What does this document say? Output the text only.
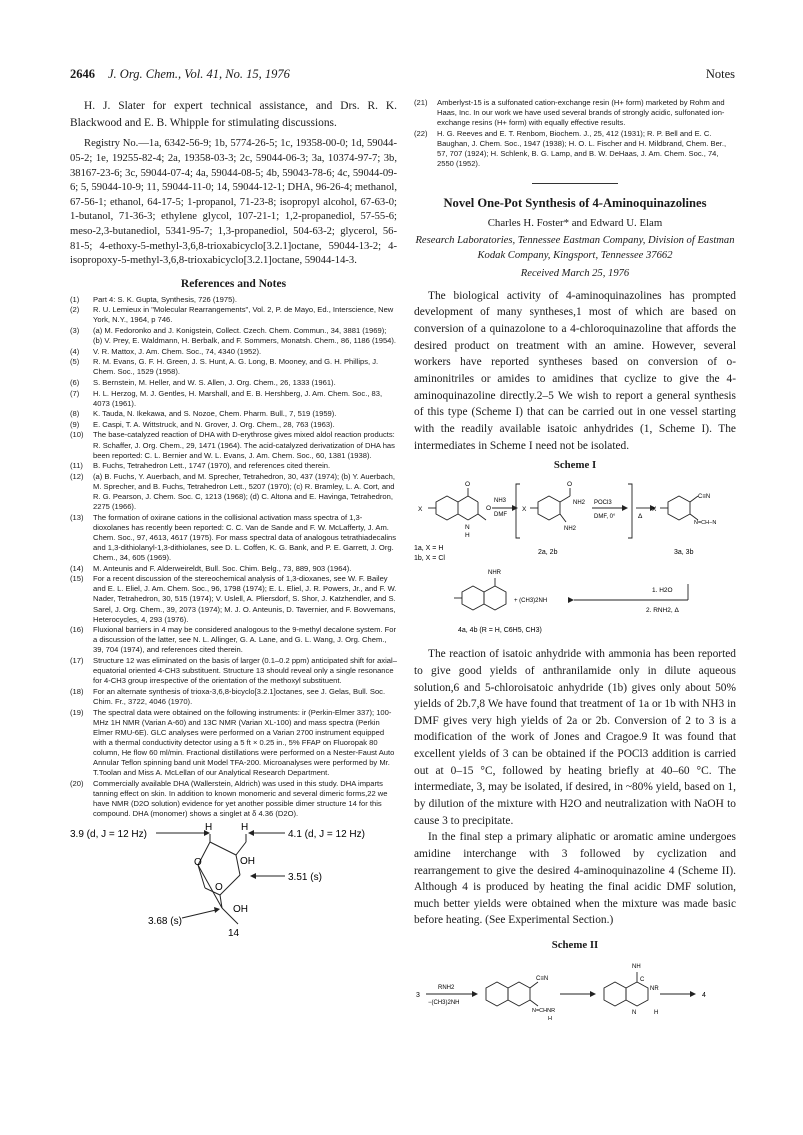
2646 J. Org. Chem., Vol. 41, No. 15, 1976	Notes

H. J. Slater for expert technical assistance, and Drs. R. K. Blackwood and E. B. Whipple for stimulating discussions.

Registry No.—1a, 6342-56-9; 1b, 5774-26-5; 1c, 19358-00-0; 1d, 59044-05-2; 1e, 19255-82-4; 2a, 19358-03-3; 2c, 59044-06-3; 3a, 10374-97-7; 3b, 38167-23-6; 3c, 59044-07-4; 4a, 59044-08-5; 4b, 59043-78-6; 4c, 59044-09-6; 5, 59044-10-9; 11, 59044-11-0; 14, 59044-12-1; DHA, 96-26-4; methanol, 67-56-1; ethanol, 64-17-5; 1-propanol, 71-23-8; isopropyl alcohol, 67-63-0; 1-butanol, 71-36-3; ethylene glycol, 107-21-1; 1,2-propanediol, 57-55-6; meso-2,3-butanediol, 5341-95-7; 1,3-propanediol, 504-63-2; glycerol, 56-81-5; 4-ethoxy-5-methyl-3,6,8-trioxabicyclo[3.2.1]octane, 59044-13-2; 4-isopropoxy-5-methyl-3,6,8-trioxabicyclo[3.2.1]octane, 59044-14-3.

References and Notes
(1) Part 4: S. K. Gupta, Synthesis, 726 (1975).
(2) R. U. Lemieux in "Molecular Rearrangements", Vol. 2, P. de Mayo, Ed., Interscience, New York, N.Y., 1964, p 746.
(3) (a) M. Fedoronko and J. Konigstein, Collect. Czech. Chem. Commun., 34, 3881 (1969); (b) V. Prey, E. Waldmann, H. Berbalk, and F. Sommers, Monatsh. Chem., 86, 1186 (1954).
(4) V. R. Mattox, J. Am. Chem. Soc., 74, 4340 (1952).
(5) R. M. Evans, G. F. H. Green, J. S. Hunt, A. G. Long, B. Mooney, and G. H. Phillips, J. Chem. Soc., 1529 (1958).
(6) S. Bernstein, M. Heller, and W. S. Allen, J. Org. Chem., 26, 1333 (1961).
(7) H. L. Herzog, M. J. Gentles, H. Marshall, and E. B. Hershberg, J. Am. Chem. Soc., 83, 4073 (1961).
(8) K. Tauda, N. Ikekawa, and S. Nozoe, Chem. Pharm. Bull., 7, 519 (1959).
(9) E. Caspi, T. A. Wittstruck, and N. Grover, J. Org. Chem., 28, 763 (1963).
(10) The base-catalyzed reaction of DHA with D-erythrose gives mixed aldol reaction products: R. Schaffer, J. Org. Chem., 29, 1471 (1964). The acid-catalyzed derivatization of DHA has been reported: C. L. Bernier and W. L. Evans, J. Am. Chem. Soc., 60, 1381 (1938).
(11) B. Fuchs, Tetrahedron Lett., 1747 (1970), and references cited therein.
(12) (a) B. Fuchs, Y. Auerbach, and M. Sprecher, Tetrahedron, 30, 437 (1974); (b) Y. Auerbach, M. Sprecher, and B. Fuchs, Tetrahedron Lett., 5207 (1970); (c) R. Bramley, L. A. Cort, and R. G. Pearson, J. Chem. Soc. C, 1213 (1968); (d) C. Altona and E. Havinga, Tetrahedron, 2275 (1966).
(13) The formation of oxirane cations in the collisional activation mass spectra of 1,3-dioxolanes has recently been reported: C. C. Van de Sande and F. W. McLafferty, J. Am. Chem. Soc., 97, 4613, 4617 (1975). For mass spectral data of analogous tetrathiadecalins and 1,3-dithiolanyl-1,3-dithiolanes, see D. L. Coffen, K. G. Bank, and P. E. Garrett, J. Org. Chem., 34, 605 (1969).
(14) M. Anteunis and F. Alderweireldt, Bull. Soc. Chim. Belg., 73, 889, 903 (1964).
(15) For a recent discussion of the stereochemical analysis of 1,3-dioxanes, see W. F. Bailey and E. L. Eliel, J. Am. Chem. Soc., 96, 1798 (1974); E. L. Eliel, J. R. Powers, Jr., and F. W. Nader, Tetrahedron, 30, 515 (1974); V. Uslell, A. Pliersdorf, S. Shor, J. Katzhendler, and S. Sarel, J. Org. Chem., 39, 2073 (1974); M. J. O. Anteunis, D. Tavernier, and F. Bovvemans, Heterocycles, 4, 293 (1976).
(16) Fluxional barriers in 4 may be considered analogous to the 9-methyl decalone system. For a discussion of the latter, see N. L. Allinger, G. A. Lane, and G. L. Wang, J. Org. Chem., 39, 704 (1974), and references cited therein.
(17) Structure 12 was eliminated on the basis of larger (0.1–0.2 ppm) anticipated shift for axial–equatorial oriented 4-CH3 substituent. Structure 13 should reveal only a single resonance for 4-CH3 group irrespective of the orientation of the methoxyl substituent.
(18) For an alternate synthesis of trioxa-3,6,8-bicyclo[3.2.1]octanes, see J. Gelas, Bull. Soc. Chim. Fr., 3722, 4046 (1970).
(19) The spectral data were obtained on the following instruments: ir (Perkin-Elmer 337); 100-MHz 1H NMR (Varian A-60) and 13C NMR (Varian XL-100) and mass spectra (Perkin Elmer RMU-6E). GLC analyses were performed on a Varian 2700 instrument equipped with a thermal conductivity detector using a 5 ft × 0.25 in., 5% FFAP on Fluoropak 80 column, He flow 60 ml/min. Fractional distillations were performed on a Nester-Faust Auto Annular Teflon spinning band unit Model TFA-200. Microanalyses were performed by Mr. T.Toolan and Miss A. McLellan of our Analytical Research Department.
(20) Commercially available DHA (Wallerstein, Aldrich) was used in this study. DHA imparts tanning effect on skin. In addition to known monomeric and several dimeric forms,22 we have NMR (D2O solution) evidence for yet another possible dimer structure 14 for this compound. DHA (monomer) shows a singlet at δ 4.36 (D2O).
3.9 (d, J = 12 Hz)
H	H
4.1 (d, J = 12 Hz)
O	OH
3.51 (s)
O
OH
3.68 (s)
14
(21) Amberlyst-15 is a sulfonated cation-exchange resin (H+ form) marketed by Rohm and Haas, Inc. In our work we have used several brands of strongly acidic, sulfonated ion-exchange resins (H+ form) with equally effective results.
(22) H. G. Reeves and E. T. Renbom, Biochem. J., 25, 412 (1931); R. P. Bell and E. C. Baughan, J. Chem. Soc., 1947 (1938); H. O. L. Fischer and H. Mildbrand, Chem. Ber., 57, 707 (1924); H. Schlenk, B. G. Lamp, and B. W. DeHaas, J. Am. Chem. Soc., 74, 2550 (1952).
Novel One-Pot Synthesis of 4-Aminoquinazolines
Charles H. Foster* and Edward U. Elam
Research Laboratories, Tennessee Eastman Company, Division of Eastman Kodak Company, Kingsport, Tennessee 37662
Received March 25, 1976

The biological activity of 4-aminoquinazolines has prompted development of many syntheses,1 most of which are based on conversion of a quinazolone to a 4-chloroquinazoline that affords the desired product on treatment with an amine. However, several workers have reported syntheses based on conversion of o-aminonitriles or amides to amidines that cyclize to give the 4-aminoquinazoline directly.2–5 We wish to report a general synthesis of this type (Scheme I) that can be carried out in one vessel starting with the readily available isatoic anhydrides (1, Scheme I). The intermediates in Scheme I need not be isolated.

Scheme I
X
O
O
N
H
NH3
DMF
X
O
NH2
NH2
POCl3
DMF, 0°	Δ
X
C≡N
N=CH−N
1a, X = H
1b, X = Cl
2a, 2b	3a, 3b
NHR
+ (CH3)2NH
1. H2O
2. RNH2, Δ
4a, 4b (R = H, C6H5, CH3)

The reaction of isatoic anhydride with ammonia has been reported to give good yields of anthranilamide only in dilute aqueous solution,6 and 5-chloroisatoic anhydride (1b) gives only about 50% yields of 2b.7,8 We have found that treatment of 1a or 1b with NH3 in DMF gives very high yields of 2a or 2b. Conversion of 2 to 3 is a modification of the work of Jones and Cragoe.9 It was found that excellent yields of 3 can be obtained if the POCl3 addition is carried out at 0–15 °C, followed by heating briefly at 40–60 °C. The intermediate, 3, may be isolated, if desired, in ~80% yield, based on 1, by dilution of the mixture with H2O and neutralization with NaOH to cause 3 to precipitate.

In the final step a primary aliphatic or aromatic amine undergoes amidine interchange with 3 followed by cyclization and rearrangement to give the desired 4-aminoquinazoline 4 (Scheme II). Although 4 is produced by heating the final acidic DMF solution, much better yields were obtained when the mixture was made basic before heating. (See Experimental Section.)

Scheme II
3
RNH2
−(CH3)2NH
C≡N
N=CHNR
H
NH
C
NR
N	H
4
